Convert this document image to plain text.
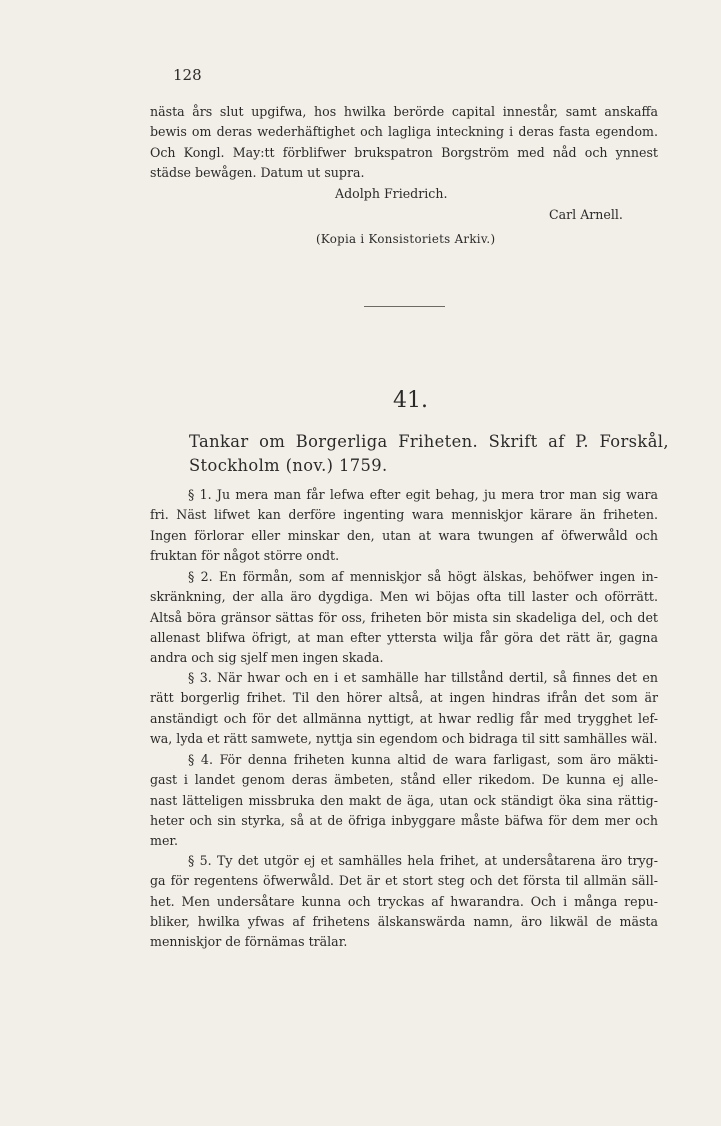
128

nästa års slut upgifwa, hos hwilka berörde capital innestår, samt anskaffa
bewis om deras wederhäftighet och lagliga inteckning i deras fasta egendom.
Och Kongl. May:tt förblifwer brukspatron Borgström med nåd och ynnest
städse bewågen. Datum ut supra.

Adolph Friedrich.
Carl Arnell.
(Kopia i Konsistoriets Arkiv.)
41.
Tankar om Borgerliga Friheten. Skrift af P. Forskål,
Stockholm (nov.) 1759.

§ 1. Ju mera man får lefwa efter egit behag, ju mera tror man sig wara
fri. Näst lifwet kan derföre ingenting wara menniskjor kärare än friheten.
Ingen förlorar eller minskar den, utan at wara twungen af öfwerwåld och
fruktan för något större ondt.

§ 2. En förmån, som af menniskjor så högt älskas, behöfwer ingen in-
skränkning, der alla äro dygdiga. Men wi böjas ofta till laster och oförrätt.
Altså böra gränsor sättas för oss, friheten bör mista sin skadeliga del, och det
allenast blifwa öfrigt, at man efter yttersta wilja får göra det rätt är, gagna
andra och sig sjelf men ingen skada.

§ 3. När hwar och en i et samhälle har tillstånd dertil, så finnes det en
rätt borgerlig frihet. Til den hörer altså, at ingen hindras ifrån det som är
anständigt och för det allmänna nyttigt, at hwar redlig får med trygghet lef-
wa, lyda et rätt samwete, nyttja sin egendom och bidraga til sitt samhälles wäl.

§ 4. För denna friheten kunna altid de wara farligast, som äro mäkti-
gast i landet genom deras ämbeten, stånd eller rikedom. De kunna ej alle-
nast lätteligen missbruka den makt de äga, utan ock ständigt öka sina rättig-
heter och sin styrka, så at de öfriga inbyggare måste bäfwa för dem mer och
mer.

§ 5. Ty det utgör ej et samhälles hela frihet, at undersåtarena äro tryg-
ga för regentens öfwerwåld. Det är et stort steg och det första til allmän säll-
het. Men undersåtare kunna och tryckas af hwarandra. Och i många repu-
bliker, hwilka yfwas af frihetens älskanswärda namn, äro likwäl de mästa
menniskjor de förnämas trälar.
